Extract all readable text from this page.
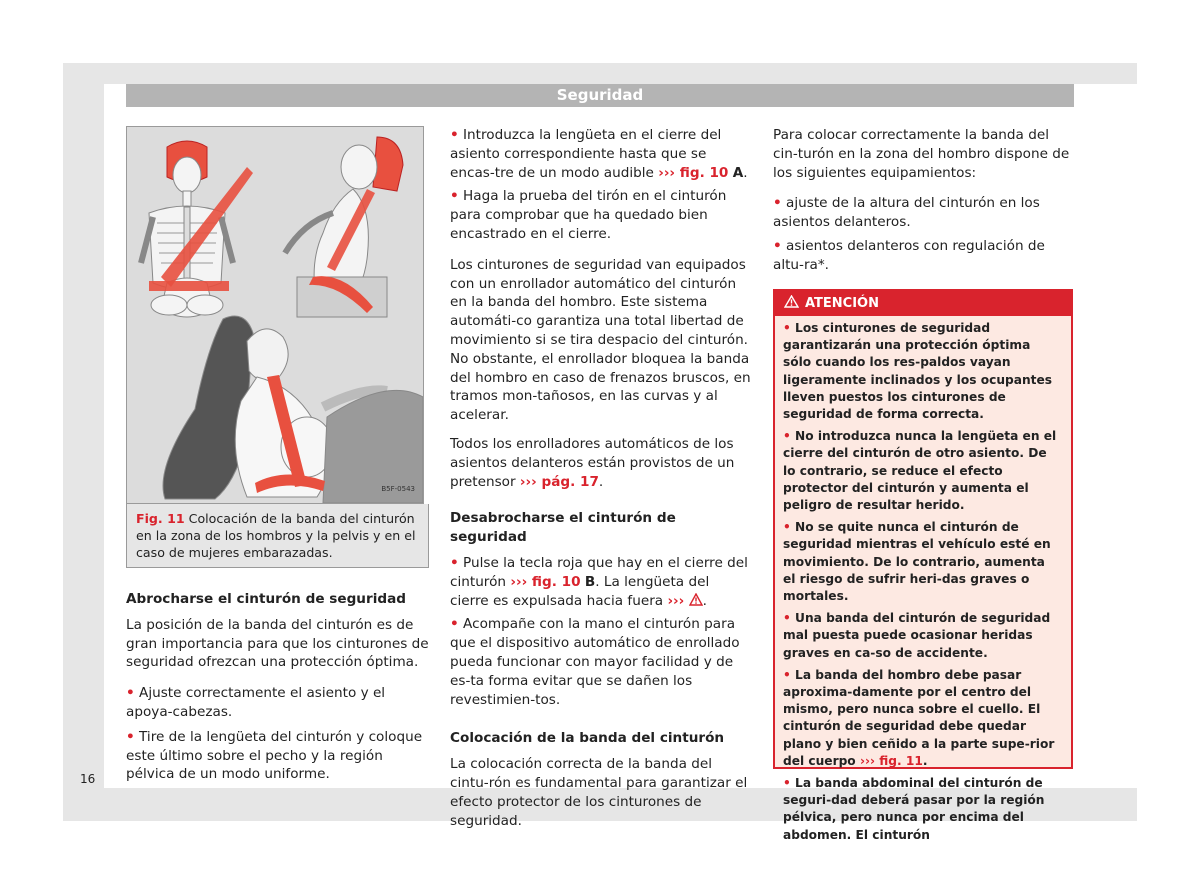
Seguridad
B5F-0543
Fig. 11 Colocación de la banda del cinturón en la zona de los hombros y la pelvis y en el caso de mujeres embarazadas.
Abrocharse el cinturón de seguridad

La posición de la banda del cinturón es de gran importancia para que los cinturones de seguridad ofrezcan una protección óptima.

• Ajuste correctamente el asiento y el apoya-cabezas.

• Tire de la lengüeta del cinturón y coloque este último sobre el pecho y la región pélvica de un modo uniforme.

• Introduzca la lengüeta en el cierre del asiento correspondiente hasta que se encas-tre de un modo audible ››› fig. 10 A.

• Haga la prueba del tirón en el cinturón para comprobar que ha quedado bien encastrado en el cierre.

Los cinturones de seguridad van equipados con un enrollador automático del cinturón en la banda del hombro. Este sistema automáti-co garantiza una total libertad de movimiento si se tira despacio del cinturón. No obstante, el enrollador bloquea la banda del hombro en caso de frenazos bruscos, en tramos mon-tañosos, en las curvas y al acelerar.

Todos los enrolladores automáticos de los asientos delanteros están provistos de un pretensor ››› pág. 17.

Desabrocharse el cinturón de seguridad

• Pulse la tecla roja que hay en el cierre del cinturón ››› fig. 10 B. La lengüeta del cierre es expulsada hacia fuera ››› .

• Acompañe con la mano el cinturón para que el dispositivo automático de enrollado pueda funcionar con mayor facilidad y de es-ta forma evitar que se dañen los revestimien-tos.

Colocación de la banda del cinturón

La colocación correcta de la banda del cintu-rón es fundamental para garantizar el efecto protector de los cinturones de seguridad.

Para colocar correctamente la banda del cin-turón en la zona del hombro dispone de los siguientes equipamientos:

• ajuste de la altura del cinturón en los asientos delanteros.

• asientos delanteros con regulación de altu-ra*.

ATENCIÓN

• Los cinturones de seguridad garantizarán una protección óptima sólo cuando los res-paldos vayan ligeramente inclinados y los ocupantes lleven puestos los cinturones de seguridad de forma correcta.

• No introduzca nunca la lengüeta en el cierre del cinturón de otro asiento. De lo contrario, se reduce el efecto protector del cinturón y aumenta el peligro de resultar herido.

• No se quite nunca el cinturón de seguridad mientras el vehículo esté en movimiento. De lo contrario, aumenta el riesgo de sufrir heri-das graves o mortales.

• Una banda del cinturón de seguridad mal puesta puede ocasionar heridas graves en ca-so de accidente.

• La banda del hombro debe pasar aproxima-damente por el centro del mismo, pero nunca sobre el cuello. El cinturón de seguridad debe quedar plano y bien ceñido a la parte supe-rior del cuerpo ››› fig. 11.

• La banda abdominal del cinturón de seguri-dad deberá pasar por la región pélvica, pero nunca por encima del abdomen. El cinturón

16
